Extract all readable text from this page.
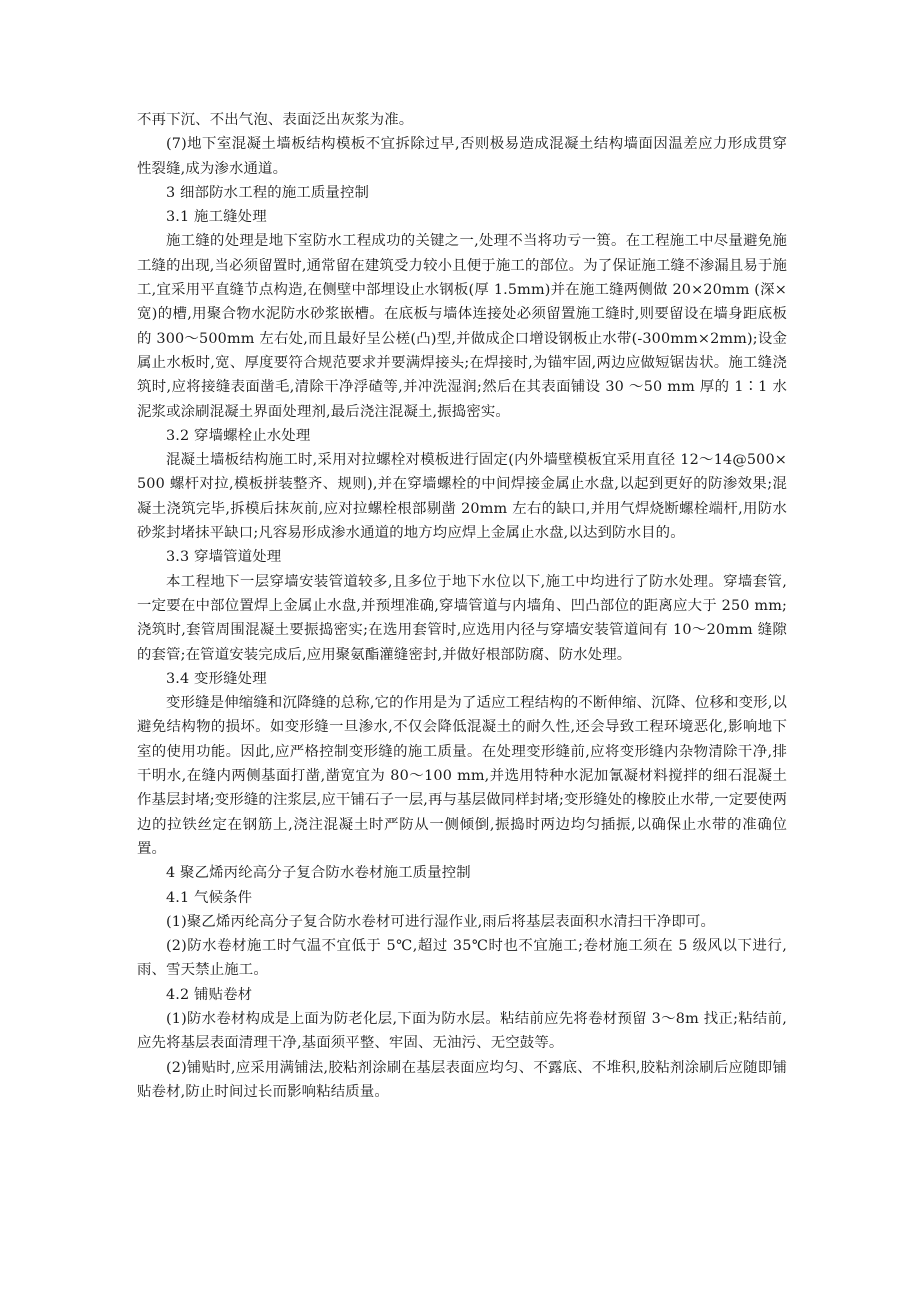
不再下沉、不出气泡、表面泛出灰浆为准。

(7)地下室混凝土墙板结构模板不宜拆除过早,否则极易造成混凝土结构墙面因温差应力形成贯穿性裂缝,成为渗水通道。

3 细部防水工程的施工质量控制

3.1 施工缝处理

施工缝的处理是地下室防水工程成功的关键之一,处理不当将功亏一篑。在工程施工中尽量避免施工缝的出现,当必须留置时,通常留在建筑受力较小且便于施工的部位。为了保证施工缝不渗漏且易于施工,宜采用平直缝节点构造,在侧壁中部埋设止水钢板(厚 1.5mm)并在施工缝两侧做 20×20mm (深×宽)的槽,用聚合物水泥防水砂浆嵌槽。在底板与墙体连接处必须留置施工缝时,则要留设在墙身距底板的 300～500mm 左右处,而且最好呈公槎(凸)型,并做成企口增设钢板止水带(-300mm×2mm);设金属止水板时,宽、厚度要符合规范要求并要满焊接头;在焊接时,为锚牢固,两边应做短锯齿状。施工缝浇筑时,应将接缝表面凿毛,清除干净浮碴等,并冲洗湿润;然后在其表面铺设 30 ～50 mm 厚的 1∶1 水泥浆或涂刷混凝土界面处理剂,最后浇注混凝土,振捣密实。

3.2 穿墙螺栓止水处理

混凝土墙板结构施工时,采用对拉螺栓对模板进行固定(内外墙壁模板宜采用直径 12～14@500×500 螺杆对拉,模板拼装整齐、规则),并在穿墙螺栓的中间焊接金属止水盘,以起到更好的防渗效果;混凝土浇筑完毕,拆模后抹灰前,应对拉螺栓根部剔凿 20mm 左右的缺口,并用气焊烧断螺栓端杆,用防水砂浆封堵抹平缺口;凡容易形成渗水通道的地方均应焊上金属止水盘,以达到防水目的。

3.3 穿墙管道处理

本工程地下一层穿墙安装管道较多,且多位于地下水位以下,施工中均进行了防水处理。穿墙套管,一定要在中部位置焊上金属止水盘,并预埋准确,穿墙管道与内墙角、凹凸部位的距离应大于 250 mm;浇筑时,套管周围混凝土要振捣密实;在选用套管时,应选用内径与穿墙安装管道间有 10～20mm 缝隙的套管;在管道安装完成后,应用聚氨酯灌缝密封,并做好根部防腐、防水处理。

3.4 变形缝处理

变形缝是伸缩缝和沉降缝的总称,它的作用是为了适应工程结构的不断伸缩、沉降、位移和变形,以避免结构物的损坏。如变形缝一旦渗水,不仅会降低混凝土的耐久性,还会导致工程环境恶化,影响地下室的使用功能。因此,应严格控制变形缝的施工质量。在处理变形缝前,应将变形缝内杂物清除干净,排干明水,在缝内两侧基面打凿,凿宽宜为 80～100 mm,并选用特种水泥加氰凝材料搅拌的细石混凝土作基层封堵;变形缝的注浆层,应干铺石子一层,再与基层做同样封堵;变形缝处的橡胶止水带,一定要使两边的拉铁丝定在钢筋上,浇注混凝土时严防从一侧倾倒,振捣时两边均匀插振,以确保止水带的准确位置。

4 聚乙烯丙纶高分子复合防水卷材施工质量控制

4.1 气候条件

(1)聚乙烯丙纶高分子复合防水卷材可进行湿作业,雨后将基层表面积水清扫干净即可。

(2)防水卷材施工时气温不宜低于 5℃,超过 35℃时也不宜施工;卷材施工须在 5 级风以下进行,雨、雪天禁止施工。

4.2 铺贴卷材

(1)防水卷材构成是上面为防老化层,下面为防水层。粘结前应先将卷材预留 3～8m 找正;粘结前,应先将基层表面清理干净,基面须平整、牢固、无油污、无空鼓等。

(2)铺贴时,应采用满铺法,胶粘剂涂刷在基层表面应均匀、不露底、不堆积,胶粘剂涂刷后应随即铺贴卷材,防止时间过长而影响粘结质量。
